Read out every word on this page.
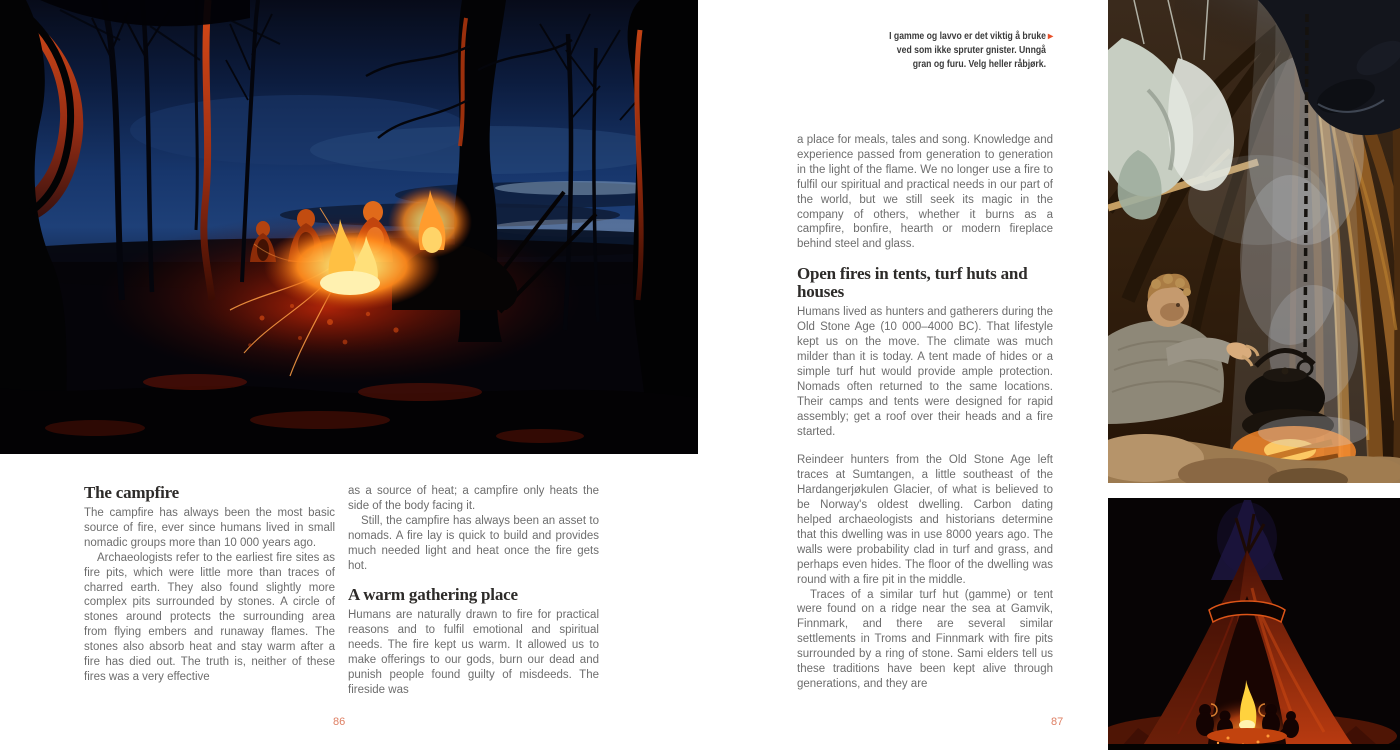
I gamme og lavvo er det viktig å bruke
ved som ikke spruter gnister. Unngå
gran og furu. Velg heller råbjørk.
▸
The campfire

The campfire has always been the most basic source of fire, ever since humans lived in small nomadic groups more than 10 000 years ago.

Archaeologists refer to the earliest fire sites as fire pits, which were little more than traces of charred earth. They also found slightly more complex pits surrounded by stones. A circle of stones around protects the surrounding area from flying embers and runaway flames. The stones also absorb heat and stay warm after a fire has died out. The truth is, neither of these fires was a very effective

as a source of heat; a campfire only heats the side of the body facing it.

Still, the campfire has always been an asset to nomads. A fire lay is quick to build and provides much needed light and heat once the fire gets hot.

A warm gathering place

Humans are naturally drawn to fire for practical reasons and to fulfil emotional and spiritual needs. The fire kept us warm. It allowed us to make offerings to our gods, burn our dead and punish people found guilty of misdeeds. The fireside was

a place for meals, tales and song. Knowledge and experience passed from generation to generation in the light of the flame. We no longer use a fire to fulfil our spiritual and practical needs in our part of the world, but we still seek its magic in the company of others, whether it burns as a campfire, bonfire, hearth or modern fireplace behind steel and glass.

Open fires in tents, turf huts and houses

Humans lived as hunters and gatherers during the Old Stone Age (10 000–4000 BC). That lifestyle kept us on the move. The climate was much milder than it is today. A tent made of hides or a simple turf hut would provide ample protection. Nomads often returned to the same locations. Their camps and tents were designed for rapid assembly; get a roof over their heads and a fire started.

Reindeer hunters from the Old Stone Age left traces at Sumtangen, a little southeast of the Hardangerjøkulen Glacier, of what is believed to be Norway's oldest dwelling. Carbon dating helped archaeologists and historians determine that this dwelling was in use 8000 years ago. The walls were probability clad in turf and grass, and perhaps even hides. The floor of the dwelling was round with a fire pit in the middle.

Traces of a similar turf hut (gamme) or tent were found on a ridge near the sea at Gamvik, Finnmark, and there are several similar settlements in Troms and Finnmark with fire pits surrounded by a ring of stone. Sami elders tell us these traditions have been kept alive through generations, and they are

86	87
